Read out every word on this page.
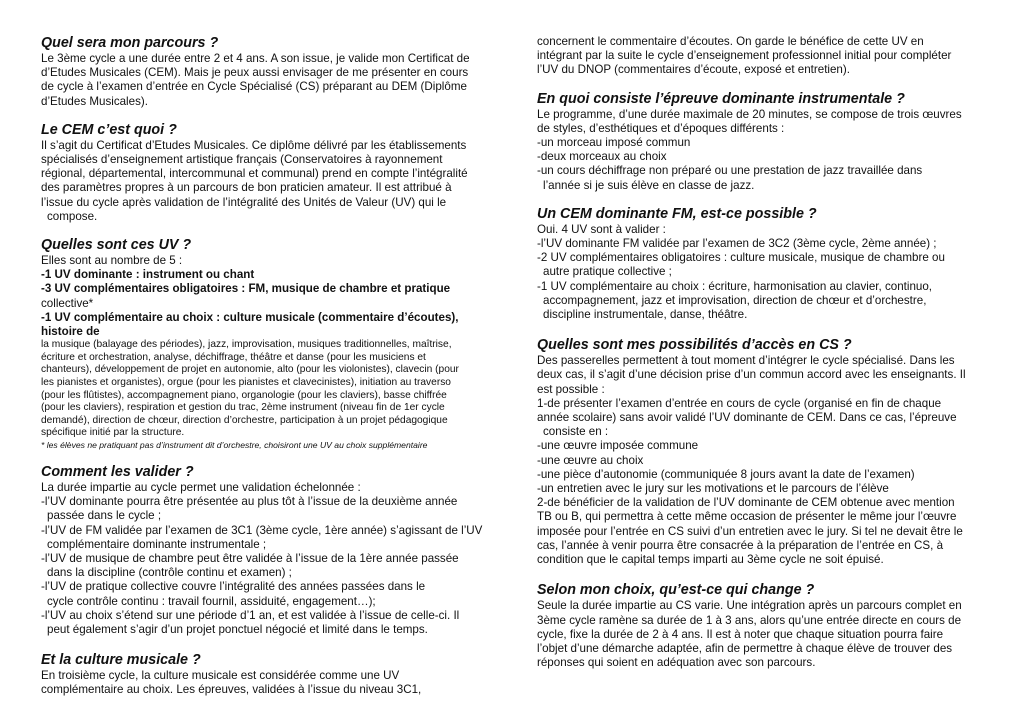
Quel sera mon parcours ?

Le 3ème cycle a une durée entre 2 et 4 ans. A son issue, je valide mon Certificat de

d’Etudes Musicales (CEM). Mais je peux aussi envisager de me présenter en cours

de cycle à l’examen d’entrée en Cycle Spécialisé (CS) préparant au DEM (Diplôme

d’Etudes Musicales).

Le CEM c’est quoi ?

Il s’agit du Certificat d’Etudes Musicales. Ce diplôme délivré par les établissements

spécialisés d’enseignement artistique français (Conservatoires à rayonnement

régional, départemental, intercommunal et communal) prend en compte l’intégralité

des paramètres propres à un parcours de bon praticien amateur. Il est attribué à

l’issue du cycle après validation de l’intégralité des Unités de Valeur (UV) qui le

compose.

Quelles sont ces UV ?

Elles sont au nombre de 5 :

-1 UV dominante : instrument ou chant

-3 UV complémentaires obligatoires : FM, musique de chambre et pratique

collective*

-1 UV complémentaire au choix : culture musicale (commentaire d’écoutes), histoire de

la musique (balayage des périodes), jazz, improvisation, musiques traditionnelles, maîtrise,

écriture et orchestration, analyse, déchiffrage, théâtre et danse (pour les musiciens et

chanteurs), développement de projet en autonomie, alto (pour les violonistes), clavecin (pour

les pianistes et organistes), orgue (pour les pianistes et clavecinistes), initiation au traverso

(pour les flûtistes), accompagnement piano, organologie (pour les claviers), basse chiffrée

(pour les claviers), respiration et gestion du trac, 2ème instrument (niveau fin de 1er cycle

demandé), direction de chœur, direction d’orchestre, participation à un projet pédagogique

spécifique initié par la structure.

* les élèves ne pratiquant pas d’instrument dit d’orchestre, choisiront une UV au choix supplémentaire

Comment les valider ?

La durée impartie au cycle permet une validation échelonnée :

-l’UV dominante pourra être présentée au plus tôt à l’issue de la deuxième année

passée dans le cycle ;

-l’UV de FM validée par l’examen de 3C1 (3ème cycle, 1ère année) s’agissant de l’UV

complémentaire dominante instrumentale ;

-l’UV de musique de chambre peut être validée à l’issue de la 1ère année passée

dans la discipline (contrôle continu et examen) ;

-l’UV de pratique collective couvre l’intégralité des années passées dans le

cycle contrôle continu : travail fournil, assiduité, engagement…);

-l’UV au choix s’étend sur une période d’1 an, et est validée à l’issue de celle-ci. Il

peut également s’agir d’un projet ponctuel négocié et limité dans le temps.

Et la culture musicale ?

En troisième cycle, la culture musicale est considérée comme une UV

complémentaire au choix. Les épreuves, validées à l’issue du niveau 3C1,

concernent le commentaire d’écoutes. On garde le bénéfice de cette UV en

intégrant par la suite le cycle d’enseignement professionnel initial pour compléter

l’UV du DNOP (commentaires d’écoute, exposé et entretien).

En quoi consiste l’épreuve dominante instrumentale ?

Le programme, d’une durée maximale de 20 minutes, se compose de trois œuvres

de styles, d’esthétiques et d’époques différents :

-un morceau imposé commun

-deux morceaux au choix

-un cours déchiffrage non préparé ou une prestation de jazz travaillée dans

l’année si je suis élève en classe de jazz.

Un CEM dominante FM, est-ce possible ?

Oui. 4 UV sont à valider :

-l’UV dominante FM validée par l’examen de 3C2 (3ème cycle, 2ème année) ;

-2 UV complémentaires obligatoires : culture musicale, musique de chambre ou

autre pratique collective ;

-1 UV complémentaire au choix : écriture, harmonisation au clavier, continuo,

accompagnement, jazz et improvisation, direction de chœur et d’orchestre,

discipline instrumentale, danse, théâtre.

Quelles sont mes possibilités d’accès en CS ?

Des passerelles permettent à tout moment d’intégrer le cycle spécialisé. Dans les

deux cas, il s’agit d’une décision prise d’un commun accord avec les enseignants. Il

est possible :

1-de présenter l’examen d’entrée en cours de cycle (organisé en fin de chaque

année scolaire) sans avoir validé l’UV dominante de CEM. Dans ce cas, l’épreuve

consiste en :

-une œuvre imposée commune

-une œuvre au choix

-une pièce d’autonomie (communiquée 8 jours avant la date de l’examen)

-un entretien avec le jury sur les motivations et le parcours de l’élève

2-de bénéficier de la validation de l’UV dominante de CEM obtenue avec mention

TB ou B, qui permettra à cette même occasion de présenter le même jour l’œuvre

imposée pour l’entrée en CS suivi d’un entretien avec le jury. Si tel ne devait être le

cas, l’année à venir pourra être consacrée à la préparation de l’entrée en CS, à

condition que le capital temps imparti au 3ème cycle ne soit épuisé.

Selon mon choix, qu’est-ce qui change ?

Seule la durée impartie au CS varie. Une intégration après un parcours complet en

3ème cycle ramène sa durée de 1 à 3 ans, alors qu’une entrée directe en cours de

cycle, fixe la durée de 2 à 4 ans. Il est à noter que chaque situation pourra faire

l’objet d’une démarche adaptée, afin de permettre à chaque élève de trouver des

réponses qui soient en adéquation avec son parcours.
